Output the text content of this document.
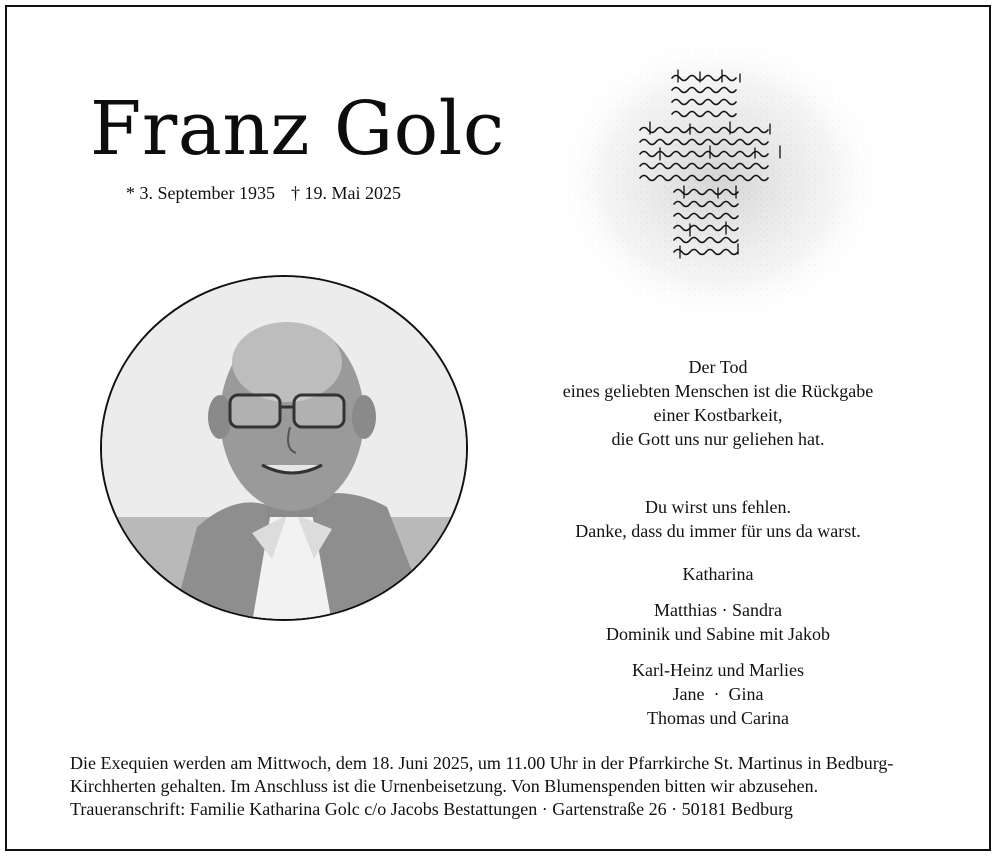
Franz Golc
* 3. September 1935 † 19. Mai 2025
Der Tod
eines geliebten Menschen ist die Rückgabe
einer Kostbarkeit,
die Gott uns nur geliehen hat.
Du wirst uns fehlen.
Danke, dass du immer für uns da warst.
Katharina
Matthias · Sandra
Dominik und Sabine mit Jakob
Karl-Heinz und Marlies
Jane  ·  Gina
Thomas und Carina

Die Exequien werden am Mittwoch, dem 18. Juni 2025, um 11.00 Uhr in der Pfarrkirche St. Martinus in Bedburg-Kirchherten gehalten. Im Anschluss ist die Urnenbeisetzung. Von Blumenspenden bitten wir abzusehen.

Traueranschrift: Familie Katharina Golc c/o Jacobs Bestattungen · Gartenstraße 26 · 50181 Bedburg
